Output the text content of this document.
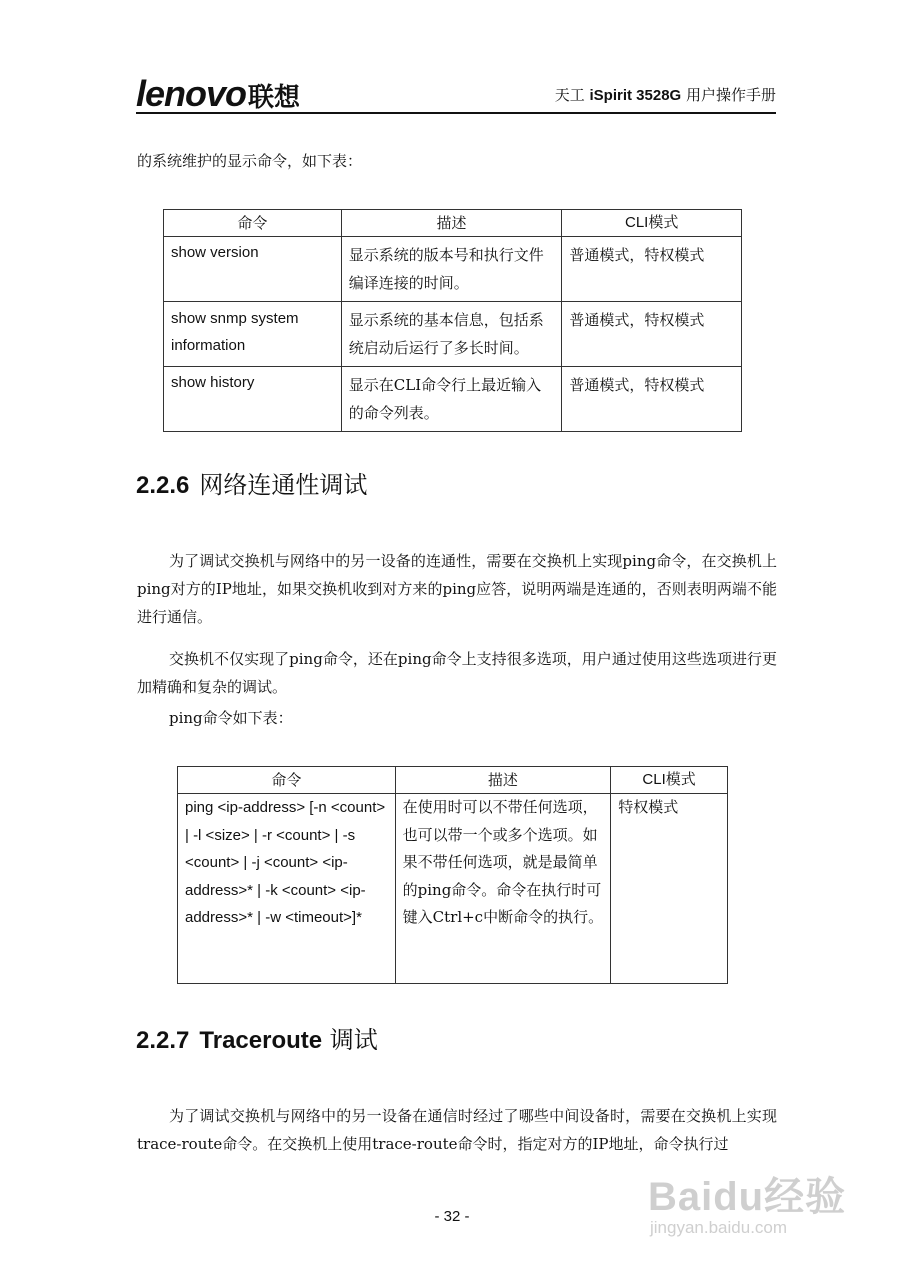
lenovo联想	天工 iSpirit 3528G 用户操作手册
的系统维护的显示命令，如下表：
命令	描述	CLI模式
show version	显示系统的版本号和执行文件编译连接的时间。	普通模式，特权模式
show snmp system information	显示系统的基本信息，包括系统启动后运行了多长时间。	普通模式，特权模式
show history	显示在CLI命令行上最近输入的命令列表。	普通模式，特权模式
2.2.6 网络连通性调试
为了调试交换机与网络中的另一设备的连通性，需要在交换机上实现ping命令，在交换机上ping对方的IP地址，如果交换机收到对方来的ping应答，说明两端是连通的，否则表明两端不能进行通信。
交换机不仅实现了ping命令，还在ping命令上支持很多选项，用户通过使用这些选项进行更加精确和复杂的调试。
ping命令如下表：
命令	描述	CLI模式
ping <ip-address> [-n <count> | -l <size> | -r <count> | -s <count> | -j <count> <ip-address>* | -k <count> <ip-address>* | -w <timeout>]*	在使用时可以不带任何选项，也可以带一个或多个选项。如果不带任何选项，就是最简单的ping命令。命令在执行时可键入Ctrl+c中断命令的执行。	特权模式
2.2.7 Traceroute 调试
为了调试交换机与网络中的另一设备在通信时经过了哪些中间设备时，需要在交换机上实现trace-route命令。在交换机上使用trace-route命令时，指定对方的IP地址，命令执行过
- 32 -	Baidu经验
jingyan.baidu.com
